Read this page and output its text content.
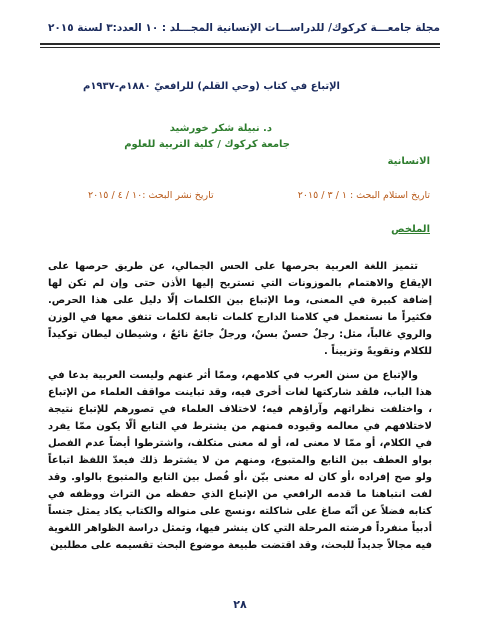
مجلة جامعـــة كركوك/ للدراســـات الإنسانية المجـــلد : ١٠ العدد:٣ لسنة ٢٠١٥
الإتباع في كتاب (وحي القلم) للرافعيّ ١٨٨٠م-١٩٣٧م
د. نبيلة شكر خورشيد
جامعة كركوك / كلية التربية للعلوم
الانسانية
تاريخ استلام البحث : ١ / ٣ / ٢٠١٥
تاريخ نشر البحث :١٠ / ٤ / ٢٠١٥
الملخص

تتميز اللغة العربية بحرصها على الحس الجمالي، عن طريق حرصها على الإيقاع والاهتمام بالموزونات التي تستريح إليها الأذن حتى وإن لم تكن لها إضافة كبيرة في المعنى، وما الإتباع بين الكلمات إلّا دليل على هذا الحرص. فكثيراً ما نستعمل في كلامنا الدارج كلمات تابعة لكلمات تتفق معها في الوزن والروي غالباً، مثل: رجلٌ حسنٌ بسنٌ، ورجلٌ جائعٌ نائعٌ ، وشيطان ليطان توكيداً للكلام وتقويةً وتزييناً .

والإتباع من سنن العرب في كلامهم، وممّا أثر عنهم وليست العربية بدعا في هذا الباب، فلقد شاركتها لغات أخرى فيه، وقد تباينت مواقف العلماء من الإتباع ، واختلفت نظراتهم وآراؤهم فيه؛ لاختلاف العلماء في تصورهم للإتباع نتيجة لاختلافهم في معالمه وقيوده فمنهم من يشترط في التابع ألّا يكون ممّا يفرد في الكلام، أو ممّا لا معنى له، أو له معنى متكلف، واشترطوا أيضاً عدم الفصل بواو العطف بين التابع والمتبوع، ومنهم من لا يشترط ذلك فيعدّ اللفظ اتباعاً ولو صح إفراده ،أو كان له معنى بيّن ،أو فُصل بين التابع والمتبوع بالواو. وقد لفت انتباهنا ما قدمه الرافعي من الإتباع الذي حفظه من التراث ووظفه في كتابه فضلاً عن أنّه صاغ على شاكلته ،ونسج على منواله والكتاب يكاد يمثل جنساً أدبياً منفرداً فرضته المرحلة التي كان ينشر فيها، وتمثل دراسة الظواهر اللغوية فيه مجالاً جديداً للبحث، وقد اقتضت طبيعة موضوع البحث تقسيمه على مطلبين

٢٨
